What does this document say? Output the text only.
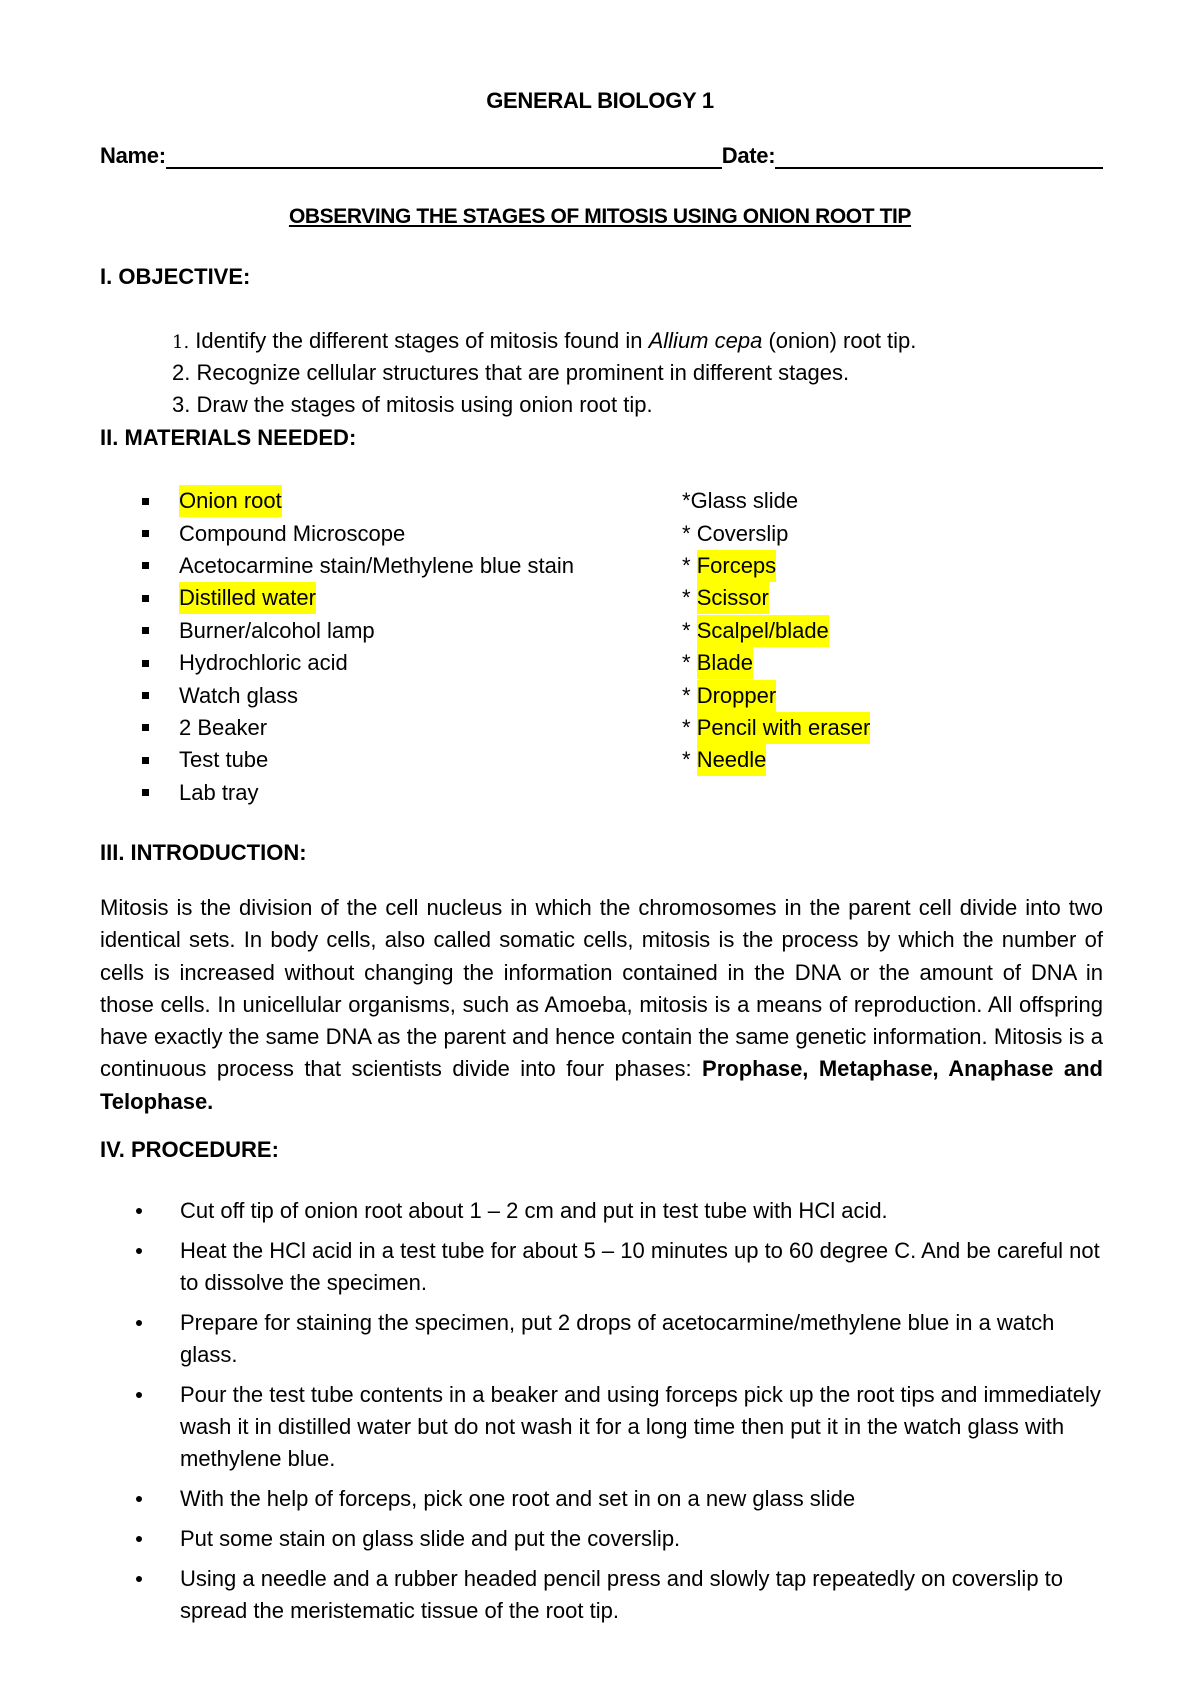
GENERAL BIOLOGY 1
Name:	Date:
OBSERVING THE STAGES OF MITOSIS USING ONION ROOT TIP
I. OBJECTIVE:
1. Identify the different stages of mitosis found in Allium cepa (onion) root tip.
2. Recognize cellular structures that are prominent in different stages.
3. Draw the stages of mitosis using onion root tip.
II. MATERIALS NEEDED:
Onion root
Compound Microscope
Acetocarmine stain/Methylene blue stain
Distilled water
Burner/alcohol lamp
Hydrochloric acid
Watch glass
2 Beaker
Test tube
Lab tray
* Glass slide
* Coverslip
* Forceps
* Scissor
* Scalpel/blade
* Blade
* Dropper
* Pencil with eraser
* Needle
III. INTRODUCTION:
Mitosis is the division of the cell nucleus in which the chromosomes in the parent cell divide into two identical sets. In body cells, also called somatic cells, mitosis is the process by which the number of cells is increased without changing the information contained in the DNA or the amount of DNA in those cells. In unicellular organisms, such as Amoeba, mitosis is a means of reproduction. All offspring have exactly the same DNA as the parent and hence contain the same genetic information. Mitosis is a continuous process that scientists divide into four phases: Prophase, Metaphase, Anaphase and Telophase.
IV. PROCEDURE:
Cut off tip of onion root about 1 – 2 cm and put in test tube with HCl acid.
Heat the HCl acid in a test tube for about 5 – 10 minutes up to 60 degree C. And be careful not to dissolve the specimen.
Prepare for staining the specimen, put 2 drops of acetocarmine/methylene blue in a watch glass.
Pour the test tube contents in a beaker and using forceps pick up the root tips and immediately wash it in distilled water but do not wash it for a long time then put it in the watch glass with methylene blue.
With the help of forceps, pick one root and set in on a new glass slide
Put some stain on glass slide and put the coverslip.
Using a needle and a rubber headed pencil press and slowly tap repeatedly on coverslip to spread the meristematic tissue of the root tip.
